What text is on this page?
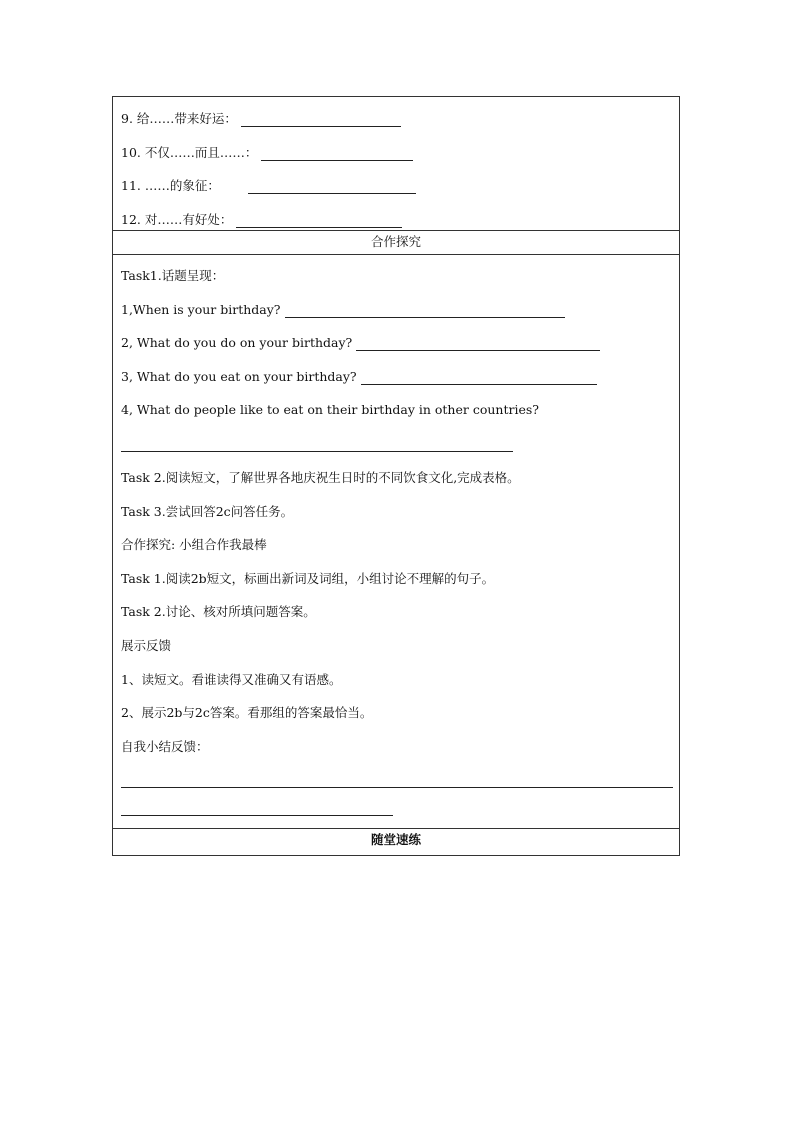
9. 给……带来好运：
10. 不仅……而且……：
11. ……的象征：
12. 对……有好处：
合作探究
Task1.话题呈现：
1,When is your birthday?
2, What do you do on your birthday?
3, What do you eat on your birthday?
4, What do people like to eat on their birthday in other countries?
Task 2.阅读短文，了解世界各地庆祝生日时的不同饮食文化,完成表格。
Task 3.尝试回答2c问答任务。
合作探究: 小组合作我最棒
Task 1.阅读2b短文，标画出新词及词组，小组讨论不理解的句子。
Task 2.讨论、核对所填问题答案。
展示反馈
1、读短文。看谁读得又准确又有语感。
2、展示2b与2c答案。看那组的答案最恰当。
自我小结反馈：
随堂速练
